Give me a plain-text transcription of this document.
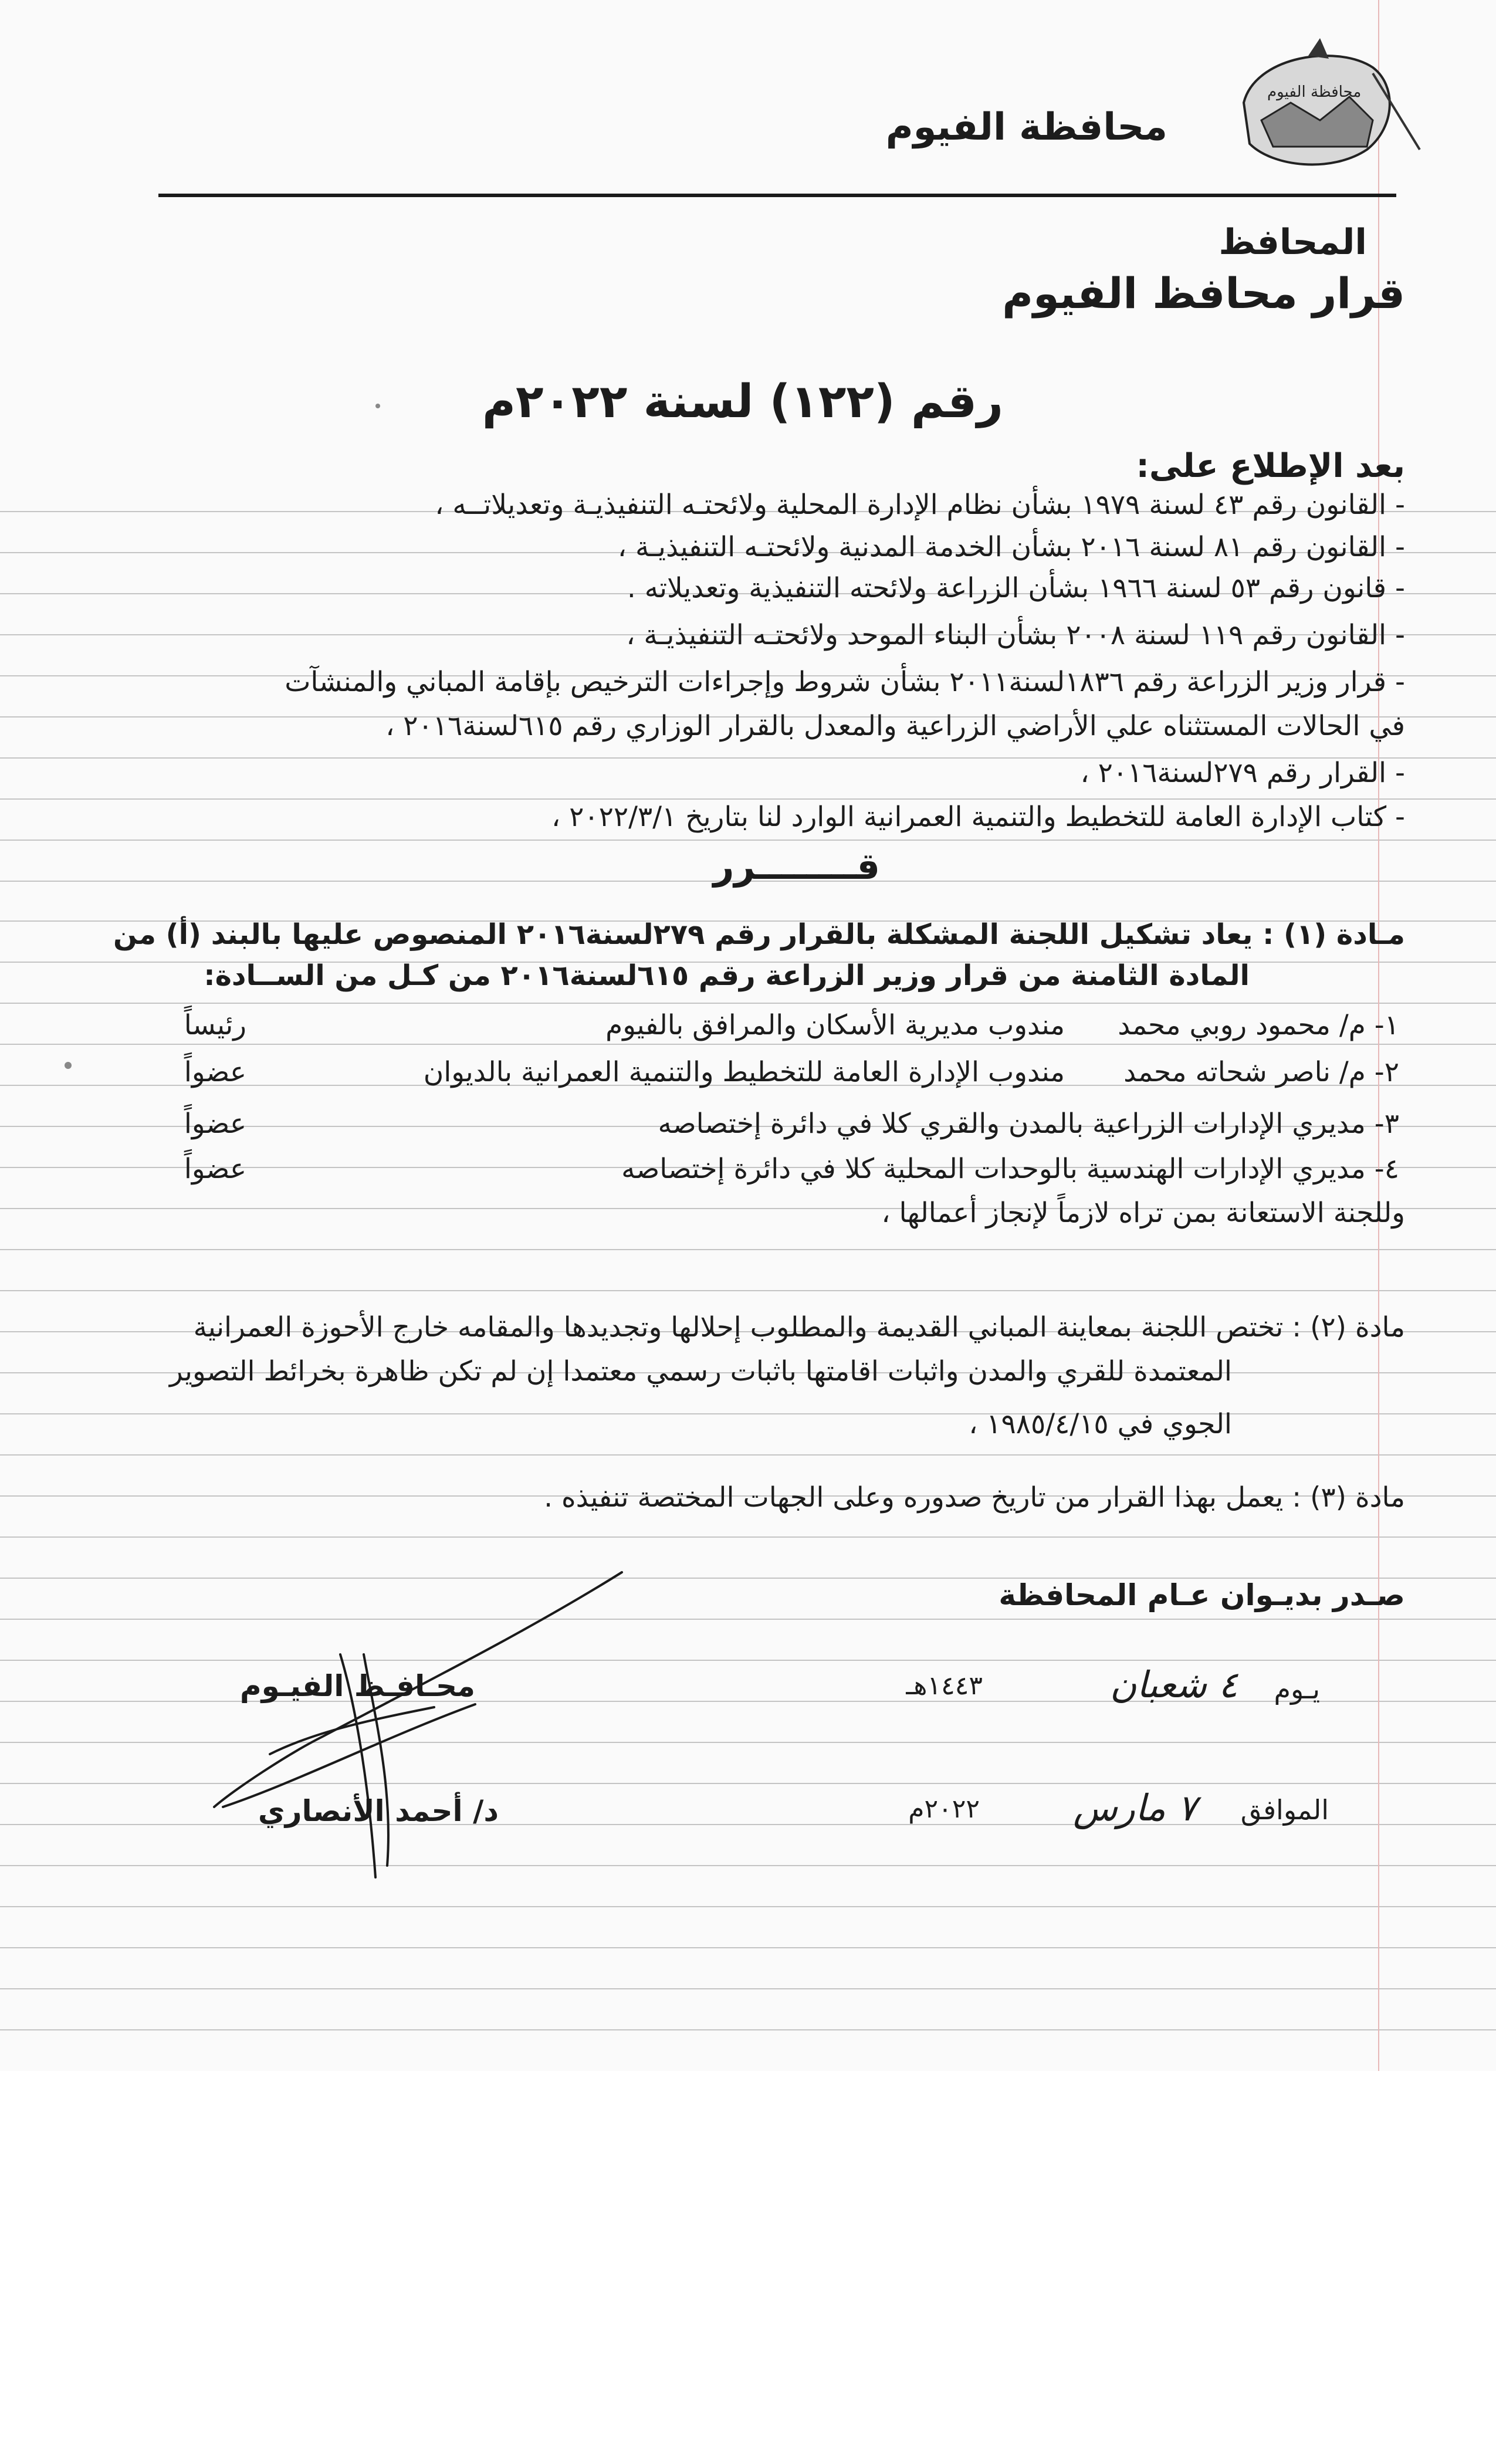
محافظة الفيوم
محافظة الفيوم
المحافظ
قرار محافظ الفيوم
رقم (١٢٢) لسنة ٢٠٢٢م
بعد الإطلاع على:
- القانون رقم ٤٣ لسنة ١٩٧٩ بشأن نظام الإدارة المحلية ولائحتـه التنفيذيـة وتعديلاتــه ،
- القانون رقم ٨١ لسنة ٢٠١٦ بشأن الخدمة المدنية ولائحتـه التنفيذيـة ،
- قانون رقم ٥٣ لسنة ١٩٦٦ بشأن الزراعة ولائحته التنفيذية وتعديلاته .
- القانون رقم ١١٩ لسنة ٢٠٠٨ بشأن البناء الموحد ولائحتـه التنفيذيـة ،
- قرار وزير الزراعة رقم ١٨٣٦لسنة٢٠١١ بشأن شروط وإجراءات الترخيص بإقامة المباني والمنشآت
في الحالات المستثناه علي الأراضي الزراعية والمعدل بالقرار الوزاري رقم ٦١٥لسنة٢٠١٦ ،
- القرار رقم ٢٧٩لسنة٢٠١٦ ،
- كتاب الإدارة العامة للتخطيط والتنمية العمرانية الوارد لنا بتاريخ ٢٠٢٢/٣/١ ،
قــــــــرر
مـادة (١) : يعاد تشكيل اللجنة المشكلة بالقرار رقم ٢٧٩لسنة٢٠١٦ المنصوص عليها بالبند (أ) من
المادة الثامنة من قرار وزير الزراعة رقم ٦١٥لسنة٢٠١٦ من كـل من الســادة:
١- م/ محمود روبي محمد
مندوب مديرية الأسكان والمرافق بالفيوم
رئيساً
٢- م/ ناصر شحاته محمد
مندوب الإدارة العامة للتخطيط والتنمية العمرانية بالديوان
عضواً
٣- مديري الإدارات الزراعية بالمدن والقري كلا في دائرة إختصاصه
عضواً
٤- مديري الإدارات الهندسية بالوحدات المحلية كلا في دائرة إختصاصه
عضواً
وللجنة الاستعانة بمن تراه لازماً لإنجاز أعمالها ،
مادة (٢) : تختص اللجنة بمعاينة المباني القديمة والمطلوب إحلالها وتجديدها والمقامه خارج الأحوزة العمرانية
المعتمدة للقري والمدن واثبات اقامتها باثبات رسمي معتمدا إن لم تكن ظاهرة بخرائط التصوير
الجوي في ١٩٨٥/٤/١٥ ،
مادة (٣) : يعمل بهذا القرار من تاريخ صدوره وعلى الجهات المختصة تنفيذه .
صـدر بديـوان عـام المحافظة
يـوم
٤ شعبان
١٤٤٣هـ
الموافق
٧ مارس
٢٠٢٢م
محـافـظ الفيـوم
د/ أحمد الأنصاري
